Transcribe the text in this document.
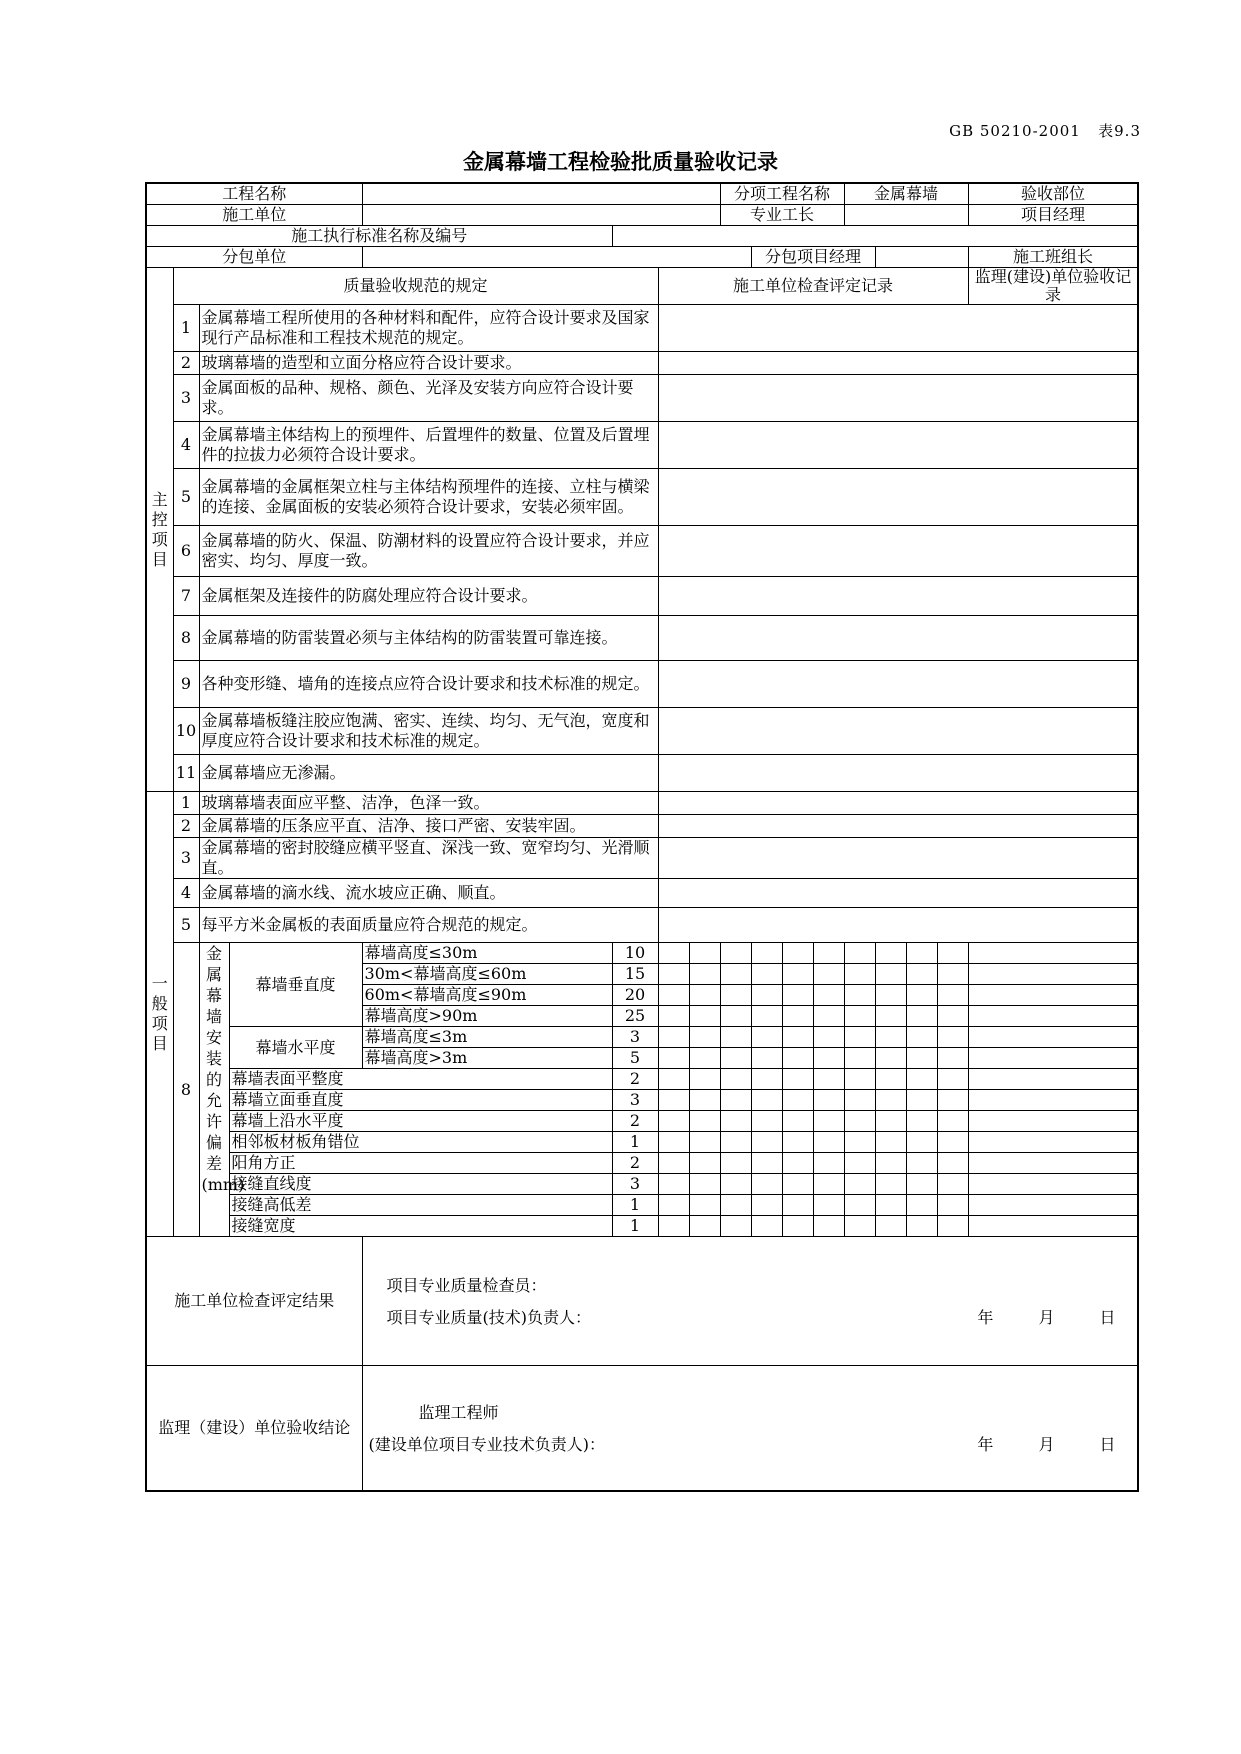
GB 50210-2001 表9.3
金属幕墙工程检验批质量验收记录
工程名称								分项工程名称				金属幕墙				验收部位	
施工单位								专业工长								项目经理	
施工执行标准名称及编号																	
分包单位									分包项目经理							施工班组长	
主控项目	质量验收规范的规定					施工单位检查评定记录										监理(建设)单位验收记录	
	1	金属幕墙工程所使用的各种材料和配件，应符合设计要求及国家现行产品标准和工程技术规范的规定。															
	2	玻璃幕墙的造型和立面分格应符合设计要求。															
	3	金属面板的品种、规格、颜色、光泽及安装方向应符合设计要求。															
	4	金属幕墙主体结构上的预埋件、后置埋件的数量、位置及后置埋件的拉拔力必须符合设计要求。															
	5	金属幕墙的金属框架立柱与主体结构预埋件的连接、立柱与横梁的连接、金属面板的安装必须符合设计要求，安装必须牢固。															
	6	金属幕墙的防火、保温、防潮材料的设置应符合设计要求，并应密实、均匀、厚度一致。															
	7	金属框架及连接件的防腐处理应符合设计要求。															
	8	金属幕墙的防雷装置必须与主体结构的防雷装置可靠连接。															
	9	各种变形缝、墙角的连接点应符合设计要求和技术标准的规定。															
	10	金属幕墙板缝注胶应饱满、密实、连续、均匀、无气泡，宽度和厚度应符合设计要求和技术标准的规定。															
	11	金属幕墙应无渗漏。															
一般项目	1	玻璃幕墙表面应平整、洁净，色泽一致。															
	2	金属幕墙的压条应平直、洁净、接口严密、安装牢固。															
	3	金属幕墙的密封胶缝应横平竖直、深浅一致、宽窄均匀、光滑顺直。															
	4	金属幕墙的滴水线、流水坡应正确、顺直。															
	5	每平方米金属板的表面质量应符合规范的规定。															
	8	金属幕墙安装的允许偏差(mm)	幕墙垂直度	幕墙高度≤30m	10												
				30m<幕墙高度≤60m	15												
				60m<幕墙高度≤90m	20												
				幕墙高度>90m	25												
			幕墙水平度	幕墙高度≤3m	3												
				幕墙高度>3m	5												
			幕墙表面平整度		2												
			幕墙立面垂直度		3												
			幕墙上沿水平度		2												
			相邻板材板角错位		1												
			阳角方正		2												
			接缝直线度		3												
			接缝高低差		1												
			接缝宽度		1												
施工单位检查评定结果				项目专业质量检查员：
项目专业质量(技术)负责人： 年 月 日													

监理（建设）单位验收结论				监理工程师
(建设单位项目专业技术负责人)： 年 月 日													
